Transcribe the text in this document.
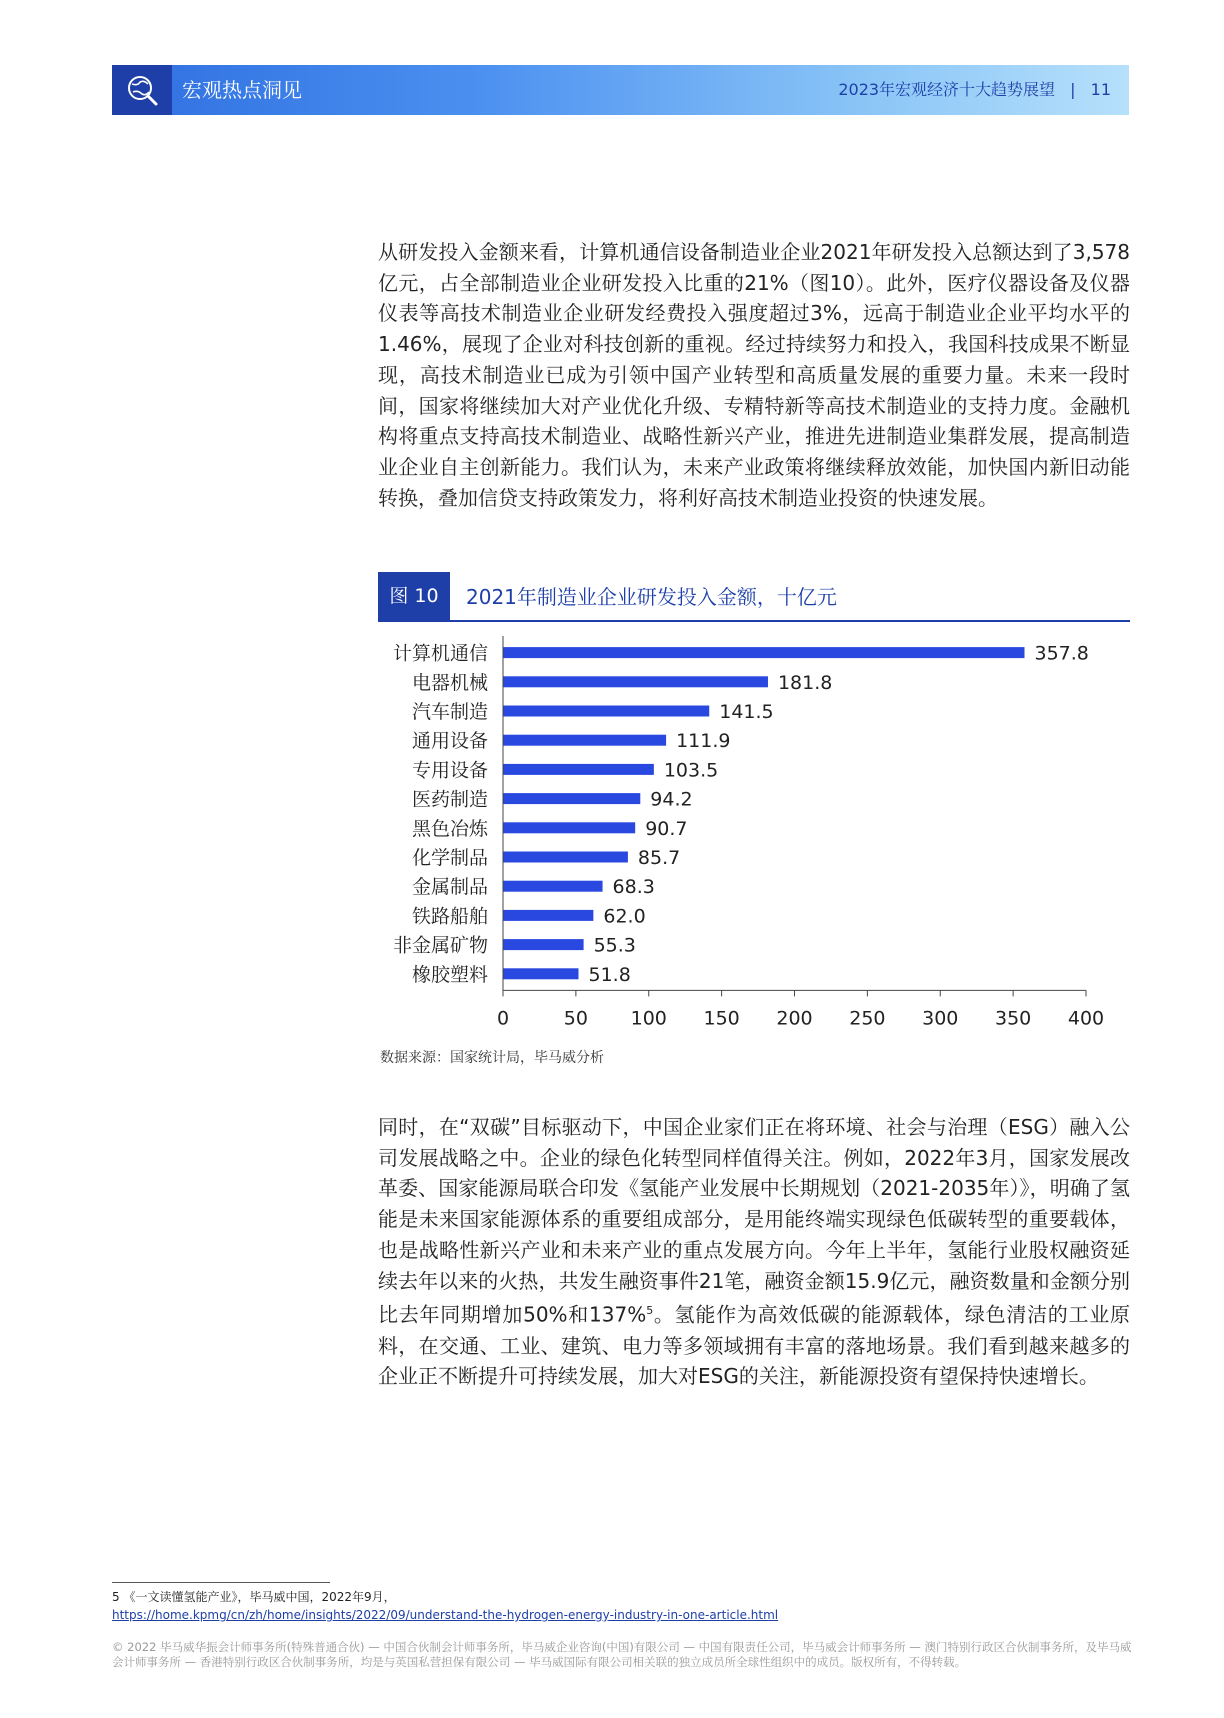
宏观热点洞见	2023年宏观经济十大趋势展望 | 11

从研发投入金额来看，计算机通信设备制造业企业2021年研发投入总额达到了3,578亿元，占全部制造业企业研发投入比重的21%（图10）。此外，医疗仪器设备及仪器仪表等高技术制造业企业研发经费投入强度超过3%，远高于制造业企业平均水平的1.46%，展现了企业对科技创新的重视。经过持续努力和投入，我国科技成果不断显现，高技术制造业已成为引领中国产业转型和高质量发展的重要力量。未来一段时间，国家将继续加大对产业优化升级、专精特新等高技术制造业的支持力度。金融机构将重点支持高技术制造业、战略性新兴产业，推进先进制造业集群发展，提高制造业企业自主创新能力。我们认为，未来产业政策将继续释放效能，加快国内新旧动能转换，叠加信贷支持政策发力，将利好高技术制造业投资的快速发展。

图 10	2021年制造业企业研发投入金额，十亿元
计算机通信	357.8
电器机械	181.8
汽车制造	141.5
通用设备	111.9
专用设备	103.5
医药制造	94.2
黑色冶炼	90.7
化学制品	85.7
金属制品	68.3
铁路船舶	62.0
非金属矿物	55.3
橡胶塑料	51.8
0	50 100 150 200 250 300 350 400
数据来源：国家统计局，毕马威分析

同时，在“双碳”目标驱动下，中国企业家们正在将环境、社会与治理（ESG）融入公司发展战略之中。企业的绿色化转型同样值得关注。例如，2022年3月，国家发展改革委、国家能源局联合印发《氢能产业发展中长期规划（2021-2035年）》，明确了氢能是未来国家能源体系的重要组成部分，是用能终端实现绿色低碳转型的重要载体，也是战略性新兴产业和未来产业的重点发展方向。今年上半年，氢能行业股权融资延续去年以来的火热，共发生融资事件21笔，融资金额15.9亿元，融资数量和金额分别比去年同期增加50%和137%$^5$。氢能作为高效低碳的能源载体，绿色清洁的工业原料，在交通、工业、建筑、电力等多领域拥有丰富的落地场景。我们看到越来越多的企业正不断提升可持续发展，加大对ESG的关注，新能源投资有望保持快速增长。

5 《一文读懂氢能产业》，毕马威中国，2022年9月，
https://home.kpmg/cn/zh/home/insights/2022/09/understand-the-hydrogen-energy-industry-in-one-article.html
© 2022 毕马威华振会计师事务所(特殊普通合伙) — 中国合伙制会计师事务所，毕马威企业咨询(中国)有限公司 — 中国有限责任公司，毕马威会计师事务所 — 澳门特别行政区合伙制事务所，及毕马威会计师事务所 — 香港特别行政区合伙制事务所，均是与英国私营担保有限公司 — 毕马威国际有限公司相关联的独立成员所全球性组织中的成员。版权所有，不得转载。
